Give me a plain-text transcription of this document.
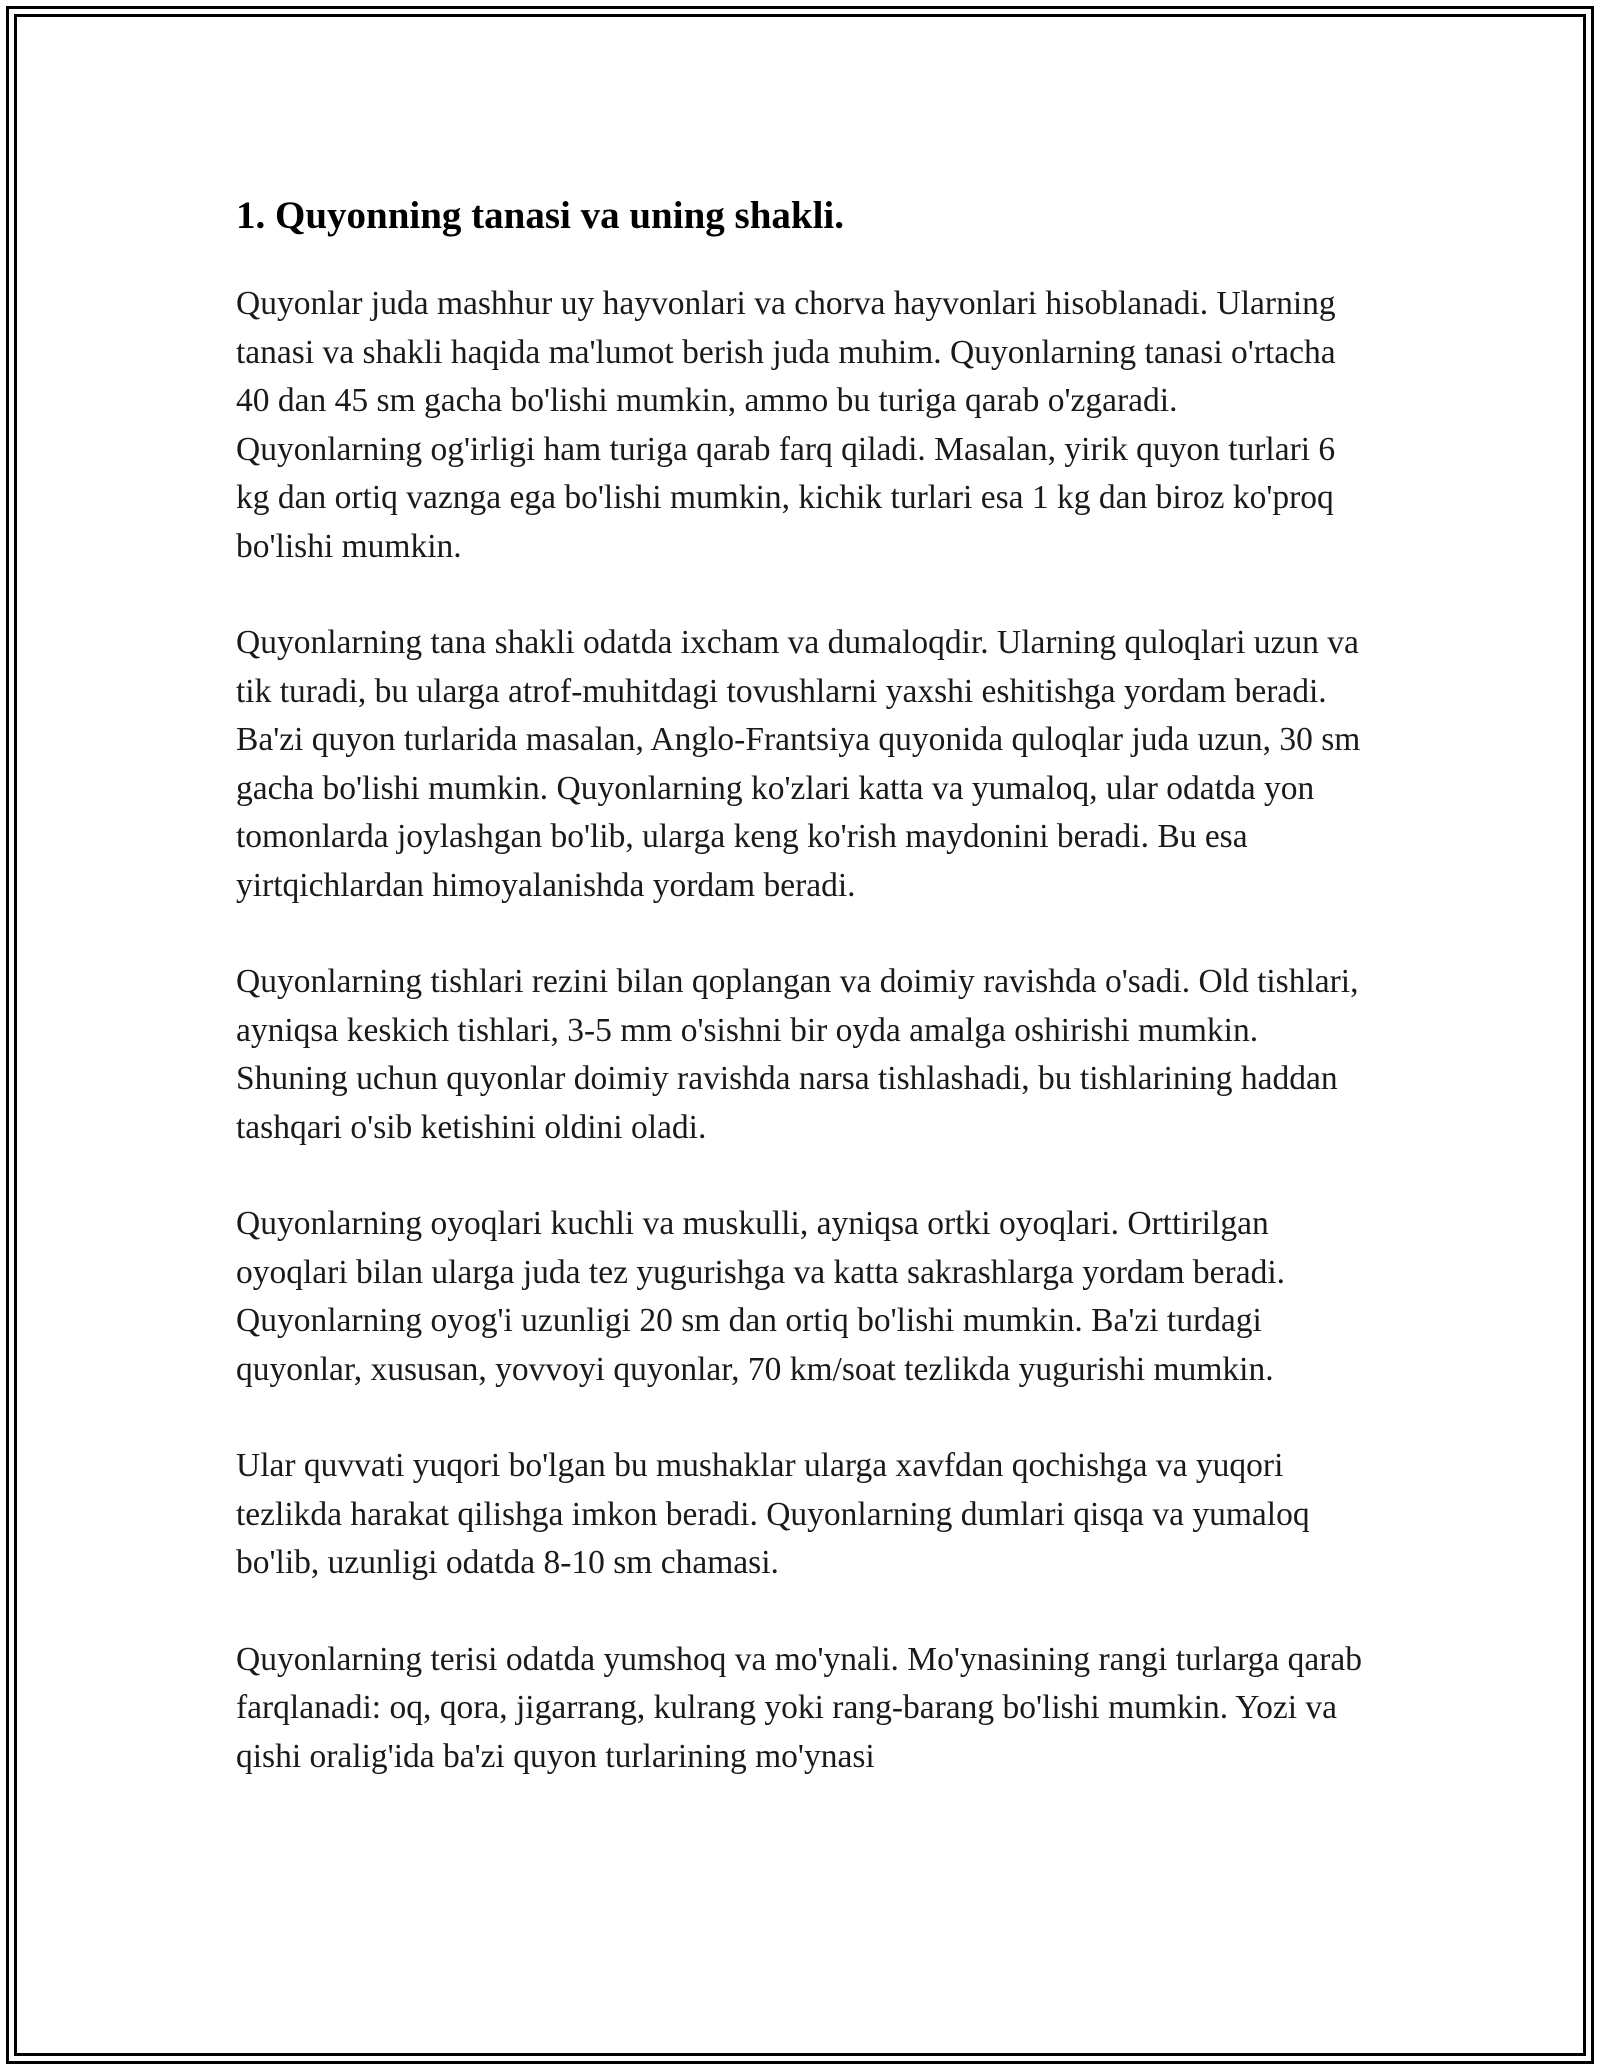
1. Quyonning tanasi va uning shakli.

Quyonlar juda mashhur uy hayvonlari va chorva hayvonlari hisoblanadi. Ularning tanasi va shakli haqida ma'lumot berish juda muhim. Quyonlarning tanasi o'rtacha 40 dan 45 sm gacha bo'lishi mumkin, ammo bu turiga qarab o'zgaradi. Quyonlarning og'irligi ham turiga qarab farq qiladi. Masalan, yirik quyon turlari 6 kg dan ortiq vaznga ega bo'lishi mumkin, kichik turlari esa 1 kg dan biroz ko'proq bo'lishi mumkin.

Quyonlarning tana shakli odatda ixcham va dumaloqdir. Ularning quloqlari uzun va tik turadi, bu ularga atrof-muhitdagi tovushlarni yaxshi eshitishga yordam beradi. Ba'zi quyon turlarida masalan, Anglo-Frantsiya quyonida quloqlar juda uzun, 30 sm gacha bo'lishi mumkin. Quyonlarning ko'zlari katta va yumaloq, ular odatda yon tomonlarda joylashgan bo'lib, ularga keng ko'rish maydonini beradi. Bu esa yirtqichlardan himoyalanishda yordam beradi.

Quyonlarning tishlari rezini bilan qoplangan va doimiy ravishda o'sadi. Old tishlari, ayniqsa keskich tishlari, 3-5 mm o'sishni bir oyda amalga oshirishi mumkin. Shuning uchun quyonlar doimiy ravishda narsa tishlashadi, bu tishlarining haddan tashqari o'sib ketishini oldini oladi.

Quyonlarning oyoqlari kuchli va muskulli, ayniqsa ortki oyoqlari. Orttirilgan oyoqlari bilan ularga juda tez yugurishga va katta sakrashlarga yordam beradi. Quyonlarning oyog'i uzunligi 20 sm dan ortiq bo'lishi mumkin. Ba'zi turdagi quyonlar, xususan, yovvoyi quyonlar, 70 km/soat tezlikda yugurishi mumkin.

Ular quvvati yuqori bo'lgan bu mushaklar ularga xavfdan qochishga va yuqori tezlikda harakat qilishga imkon beradi. Quyonlarning dumlari qisqa va yumaloq bo'lib, uzunligi odatda 8-10 sm chamasi.

Quyonlarning terisi odatda yumshoq va mo'ynali. Mo'ynasining rangi turlarga qarab farqlanadi: oq, qora, jigarrang, kulrang yoki rang-barang bo'lishi mumkin. Yozi va qishi oralig'ida ba'zi quyon turlarining mo'ynasi
